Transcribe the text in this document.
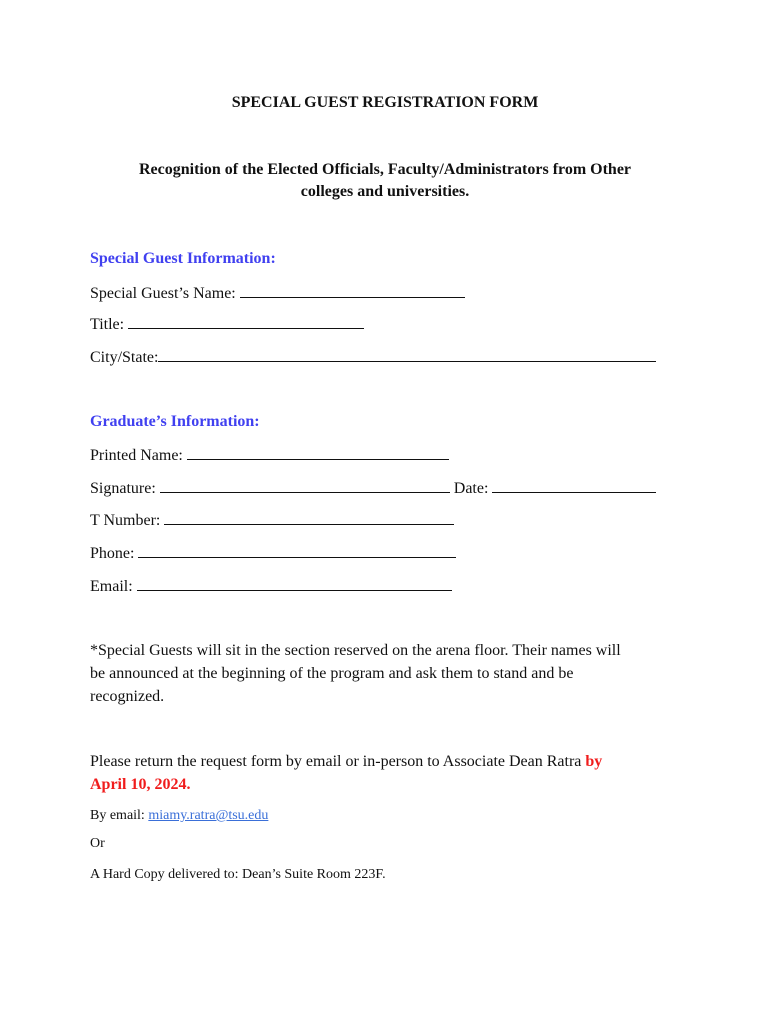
SPECIAL GUEST REGISTRATION FORM
Recognition of the Elected Officials, Faculty/Administrators from Other
colleges and universities.
Special Guest Information:
Special Guest’s Name:
Title:
City/State:
Graduate’s Information:
Printed Name:
Signature:	Date:
T Number:
Phone:
Email:
*Special Guests will sit in the section reserved on the arena floor. Their names will
be announced at the beginning of the program and ask them to stand and be
recognized.
Please return the request form by email or in-person to Associate Dean Ratra by
April 10, 2024.
By email: miamy.ratra@tsu.edu
Or
A Hard Copy delivered to: Dean’s Suite Room 223F.
